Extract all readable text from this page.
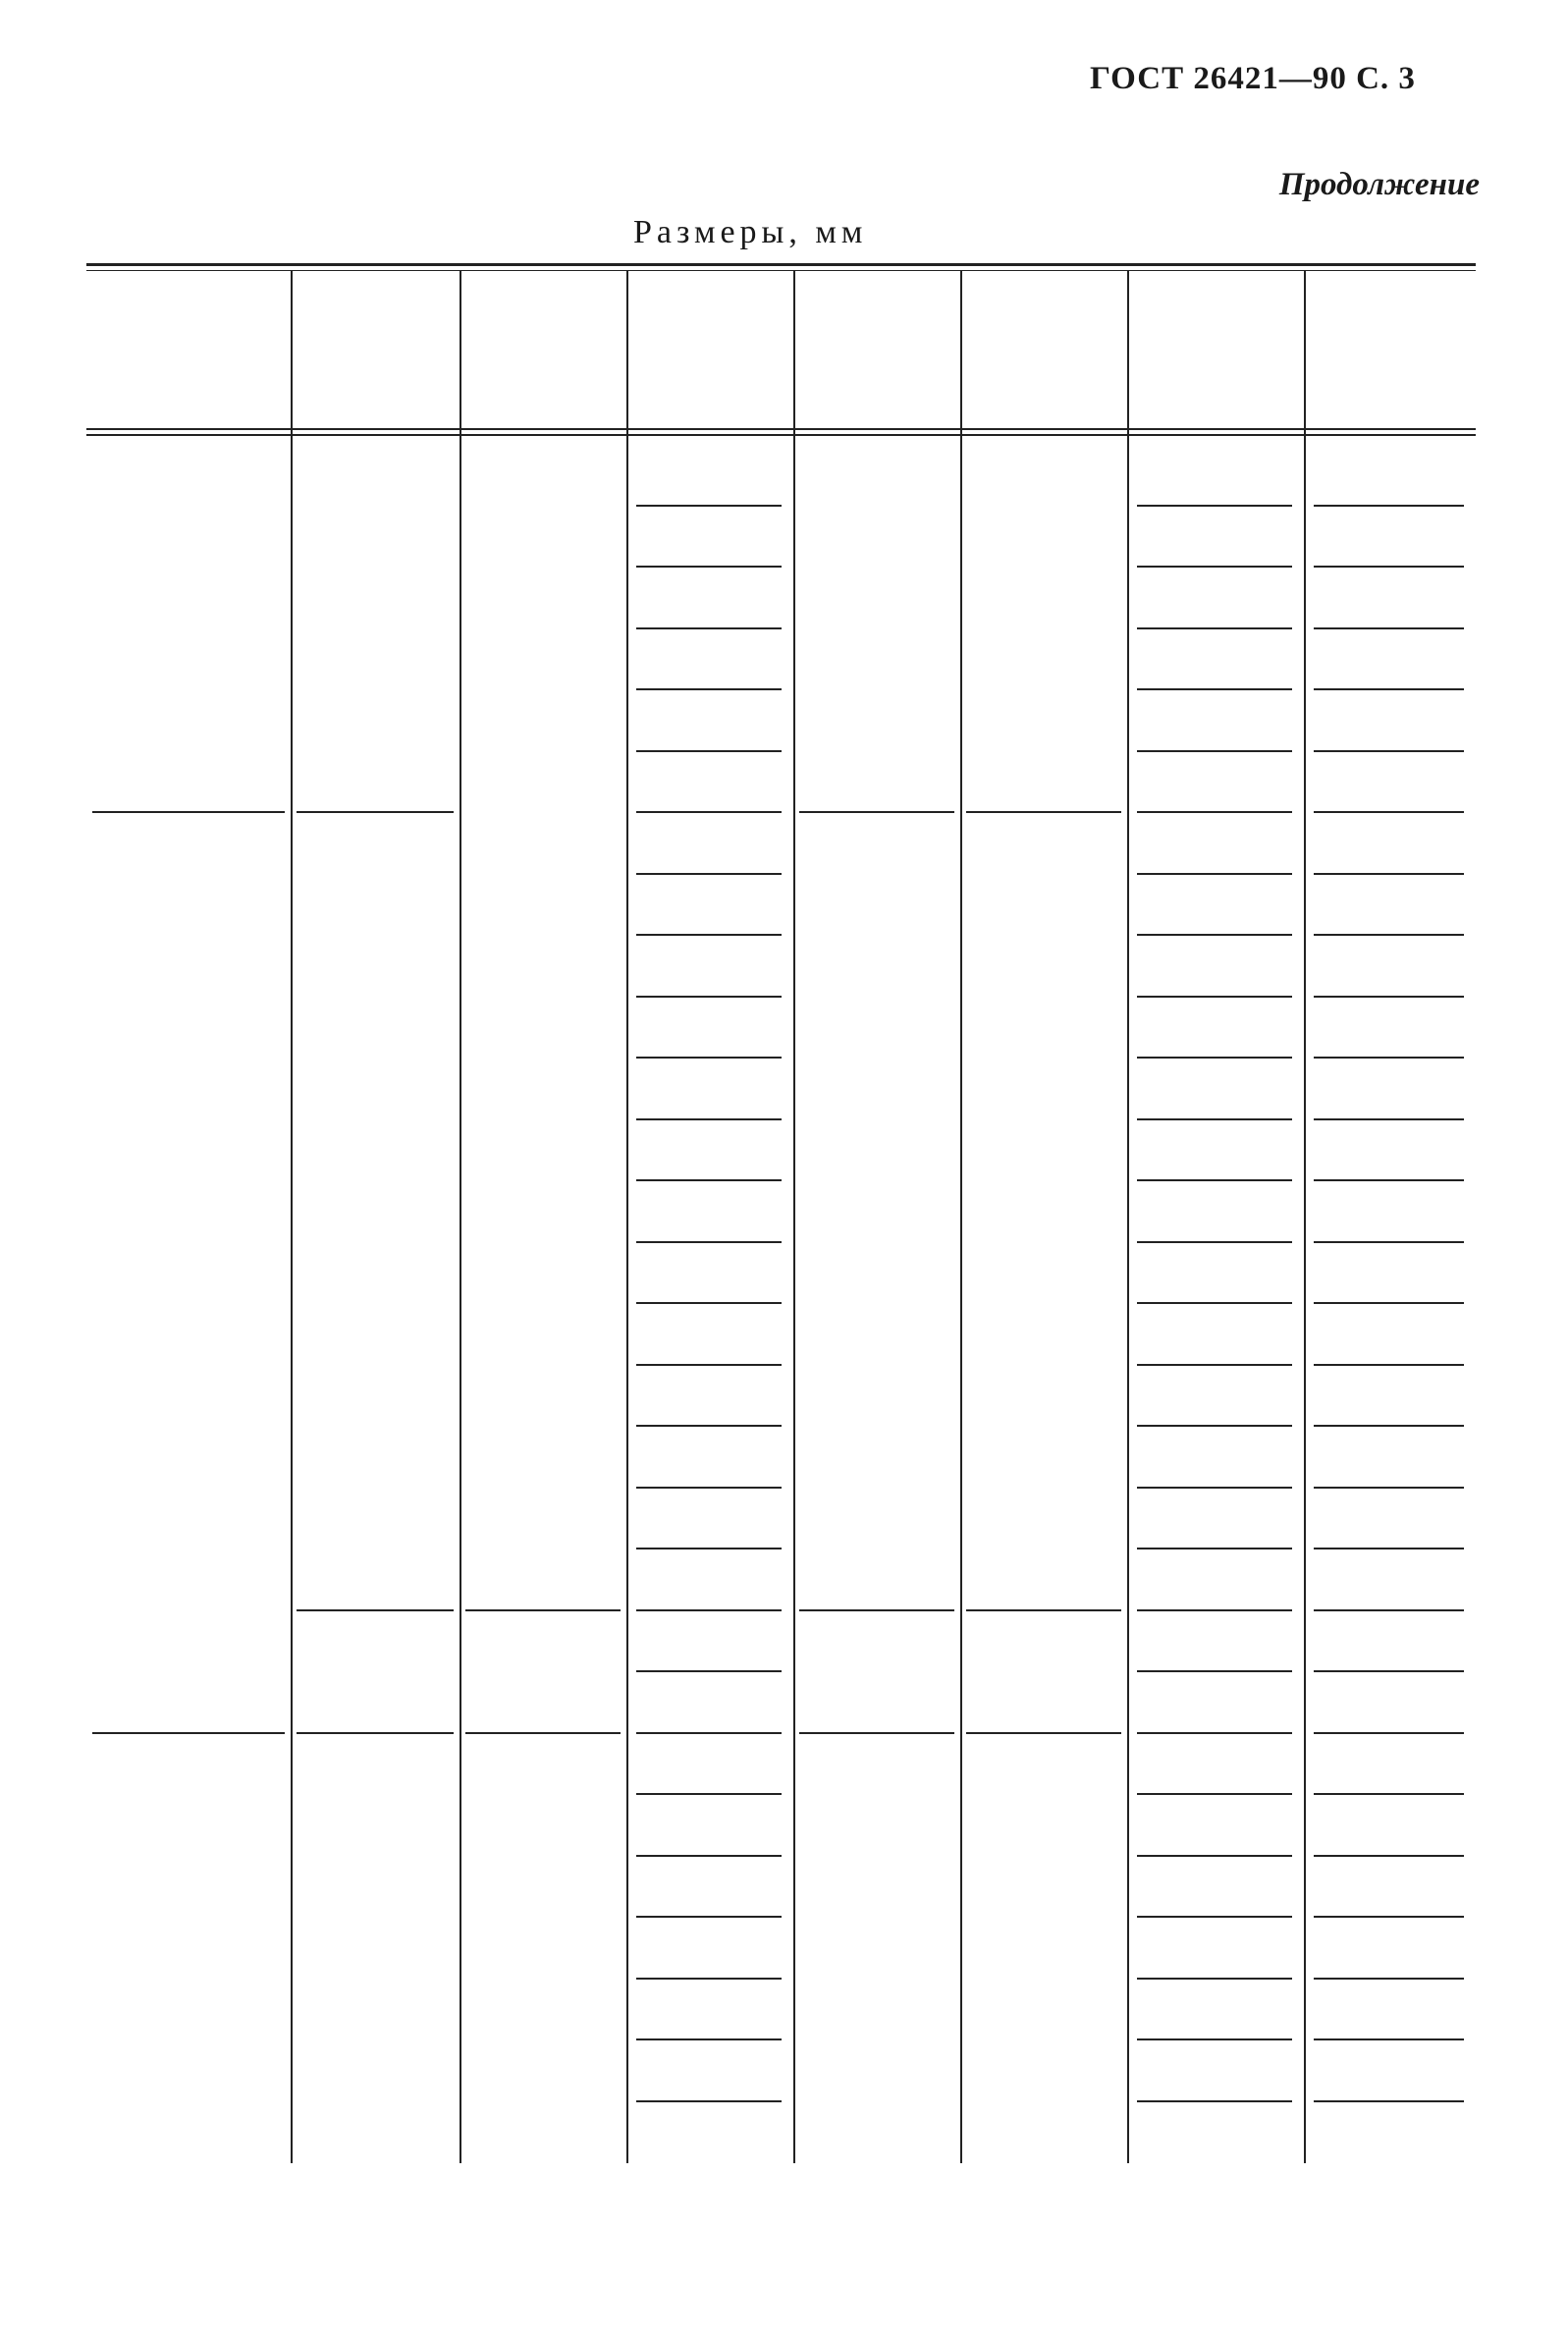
ГОСТ 26421—90 С. 3
Продолжение
Размеры, мм
